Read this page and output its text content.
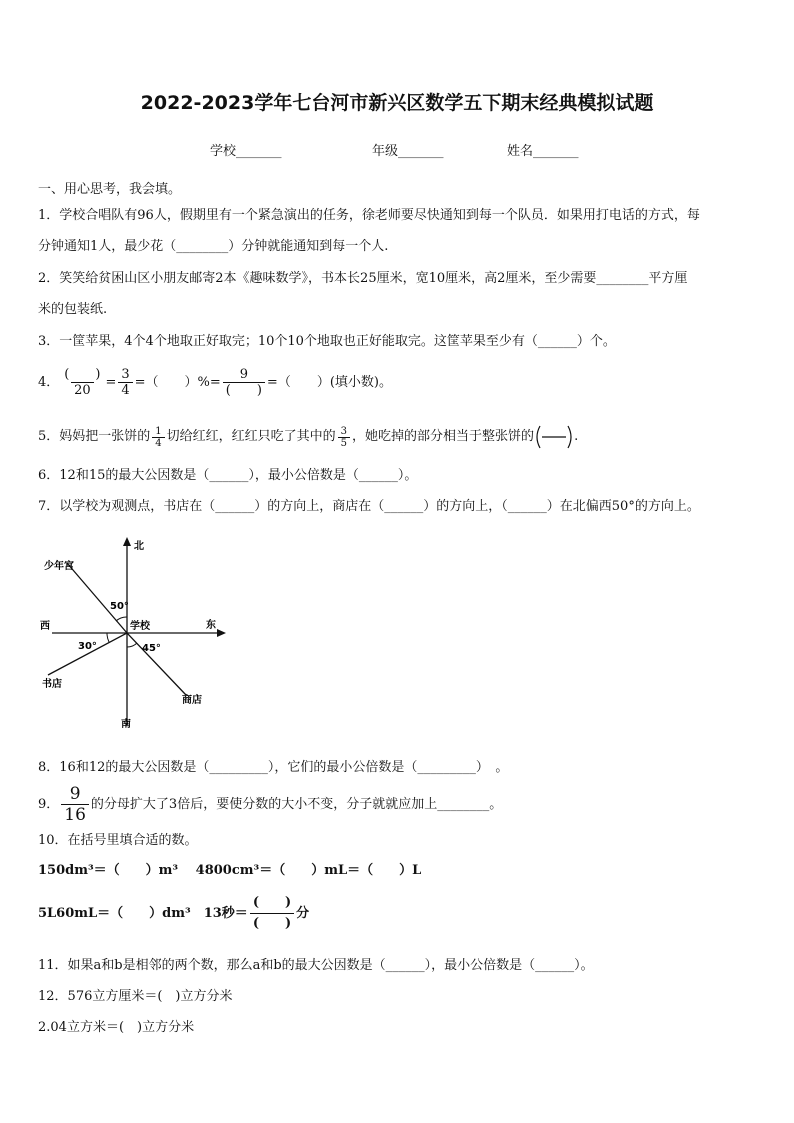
2022-2023学年七台河市新兴区数学五下期末经典模拟试题
学校_______	年级_______	姓名_______
一、用心思考，我会填。
1．学校合唱队有96人，假期里有一个紧急演出的任务，徐老师要尽快通知到每一个队员．如果用打电话的方式，每
分钟通知1人，最少花（________）分钟就能通知到每一个人.
2．笑笑给贫困山区小朋友邮寄2本《趣味数学》，书本长25厘米，宽10厘米，高2厘米，至少需要________平方厘
米的包装纸.
3．一筐苹果，4个4个地取正好取完；10个10个地取也正好能取完。这筐苹果至少有（______）个。
4． $\frac{( )}{20} = \frac{3}{4}$ =（　　）%= $\frac{9}{( )}$ =（　　）(填小数)。
5．妈妈把一张饼的 $\frac{1}{4}$ 切给红红，红红只吃了其中的 $\frac{3}{5}$ ，她吃掉的部分相当于整张饼的	.
6．12和15的最大公因数是（______），最小公倍数是（______）。
7．以学校为观测点，书店在（______）的方向上，商店在（______）的方向上，（______）在北偏西50°的方向上。
北
南
东
西	学校
少年宫
书店
商店
50°
30°	45°
8．16和12的最大公因数是（_________），它们的最小公倍数是（_________）　。
9． $\frac{9}{16}$ 的分母扩大了3倍后，要使分数的大小不变，分子就就应加上________。
10．在括号里填合适的数。
150dm³＝（　　）m³　 4800cm³＝（　　）mL＝（　　）L
5L60mL＝（　　）dm³　13秒＝ $\frac{( )}{( )}$ 分
11．如果a和b是相邻的两个数，那么a和b的最大公因数是（______），最小公倍数是（______）。
12．576立方厘米＝(　)立方分米
2.04立方米＝(　)立方分米
